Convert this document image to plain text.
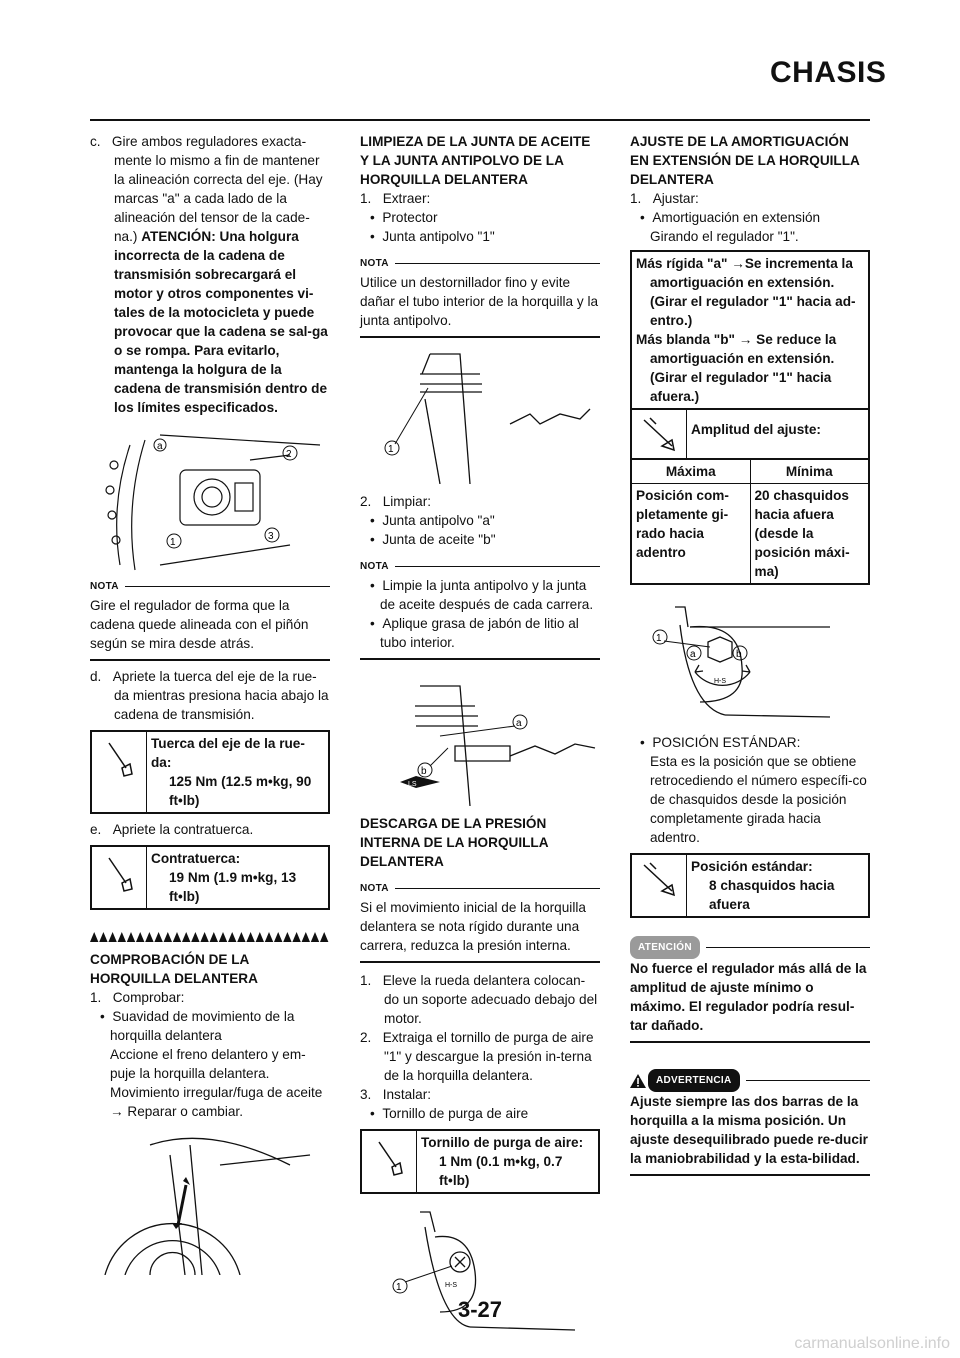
CHASIS

c. Gire ambos reguladores exacta-mente lo mismo a fin de mantener la alineación correcta del eje. (Hay marcas "a" a cada lado de la alineación del tensor de la cade-na.) ATENCIÓN: Una holgura incorrecta de la cadena de transmisión sobrecargará el motor y otros componentes vi-tales de la motocicleta y puede provocar que la cadena se sal-ga o se rompa. Para evitarlo, mantenga la holgura de la cadena de transmisión dentro de los límites especificados.

a
2
3
1
NOTA

Gire el regulador de forma que la cadena quede alineada con el piñón según se mira desde atrás.

d. Apriete la tuerca del eje de la rue-da mientras presiona hacia abajo la cadena de transmisión.

Tuerca del eje de la rue-da:
125 Nm (12.5 m•kg, 90 ft•lb)

e. Apriete la contratuerca.

Contratuerca:
19 Nm (1.9 m•kg, 13 ft•lb)

COMPROBACIÓN DE LA HORQUILLA DELANTERA

1. Comprobar:

•  Suavidad de movimiento de la horquilla delantera

Accione el freno delantero y em-puje la horquilla delantera. Movimiento irregular/fuga de aceite → Reparar o cambiar.

LIMPIEZA DE LA JUNTA DE ACEITE Y LA JUNTA ANTIPOLVO DE LA HORQUILLA DELANTERA

1. Extraer:

•  Protector

•  Junta antipolvo "1"

NOTA

Utilice un destornillador fino y evite dañar el tubo interior de la horquilla y la junta antipolvo.

1

2. Limpiar:

•  Junta antipolvo "a"

•  Junta de aceite "b"

NOTA

•  Limpie la junta antipolvo y la junta de aceite después de cada carrera.

•  Aplique grasa de jabón de litio al tubo interior.

a
b
LS

DESCARGA DE LA PRESIÓN INTERNA DE LA HORQUILLA DELANTERA

NOTA

Si el movimiento inicial de la horquilla delantera se nota rígido durante una carrera, reduzca la presión interna.

1. Eleve la rueda delantera colocan-do un soporte adecuado debajo del motor.

2. Extraiga el tornillo de purga de aire "1" y descargue la presión in-terna de la horquilla delantera.

3. Instalar:

•  Tornillo de purga de aire

Tornillo de purga de aire:
1 Nm (0.1 m•kg, 0.7 ft•lb)
H-S
1

AJUSTE DE LA AMORTIGUACIÓN EN EXTENSIÓN DE LA HORQUILLA DELANTERA

1. Ajustar:

•  Amortiguación en extensión

Girando el regulador "1".

Más rígida "a" →Se incrementa la amortiguación en extensión. (Girar el regulador "1" hacia ad-entro.)

Más blanda "b" → Se reduce la amortiguación en extensión. (Girar el regulador "1" hacia afuera.)

Amplitud del ajuste:
Máxima	Mínima
Posición com-pletamente gi-rado hacia adentro	20 chasquidos hacia afuera (desde la posición máxi-ma)
H-S
a	b
1

•  POSICIÓN ESTÁNDAR:

Esta es la posición que se obtiene retrocediendo el número específi-co de chasquidos desde la posición completamente girada hacia adentro.

Posición estándar:
8 chasquidos hacia afuera
ATENCIÓN

No fuerce el regulador más allá de la amplitud de ajuste mínimo o máximo. El regulador podría resul-tar dañado.

ADVERTENCIA

Ajuste siempre las dos barras de la horquilla a la misma posición. Un ajuste desequilibrado puede re-ducir la maniobrabilidad y la esta-bilidad.

3-27
carmanualsonline.info
